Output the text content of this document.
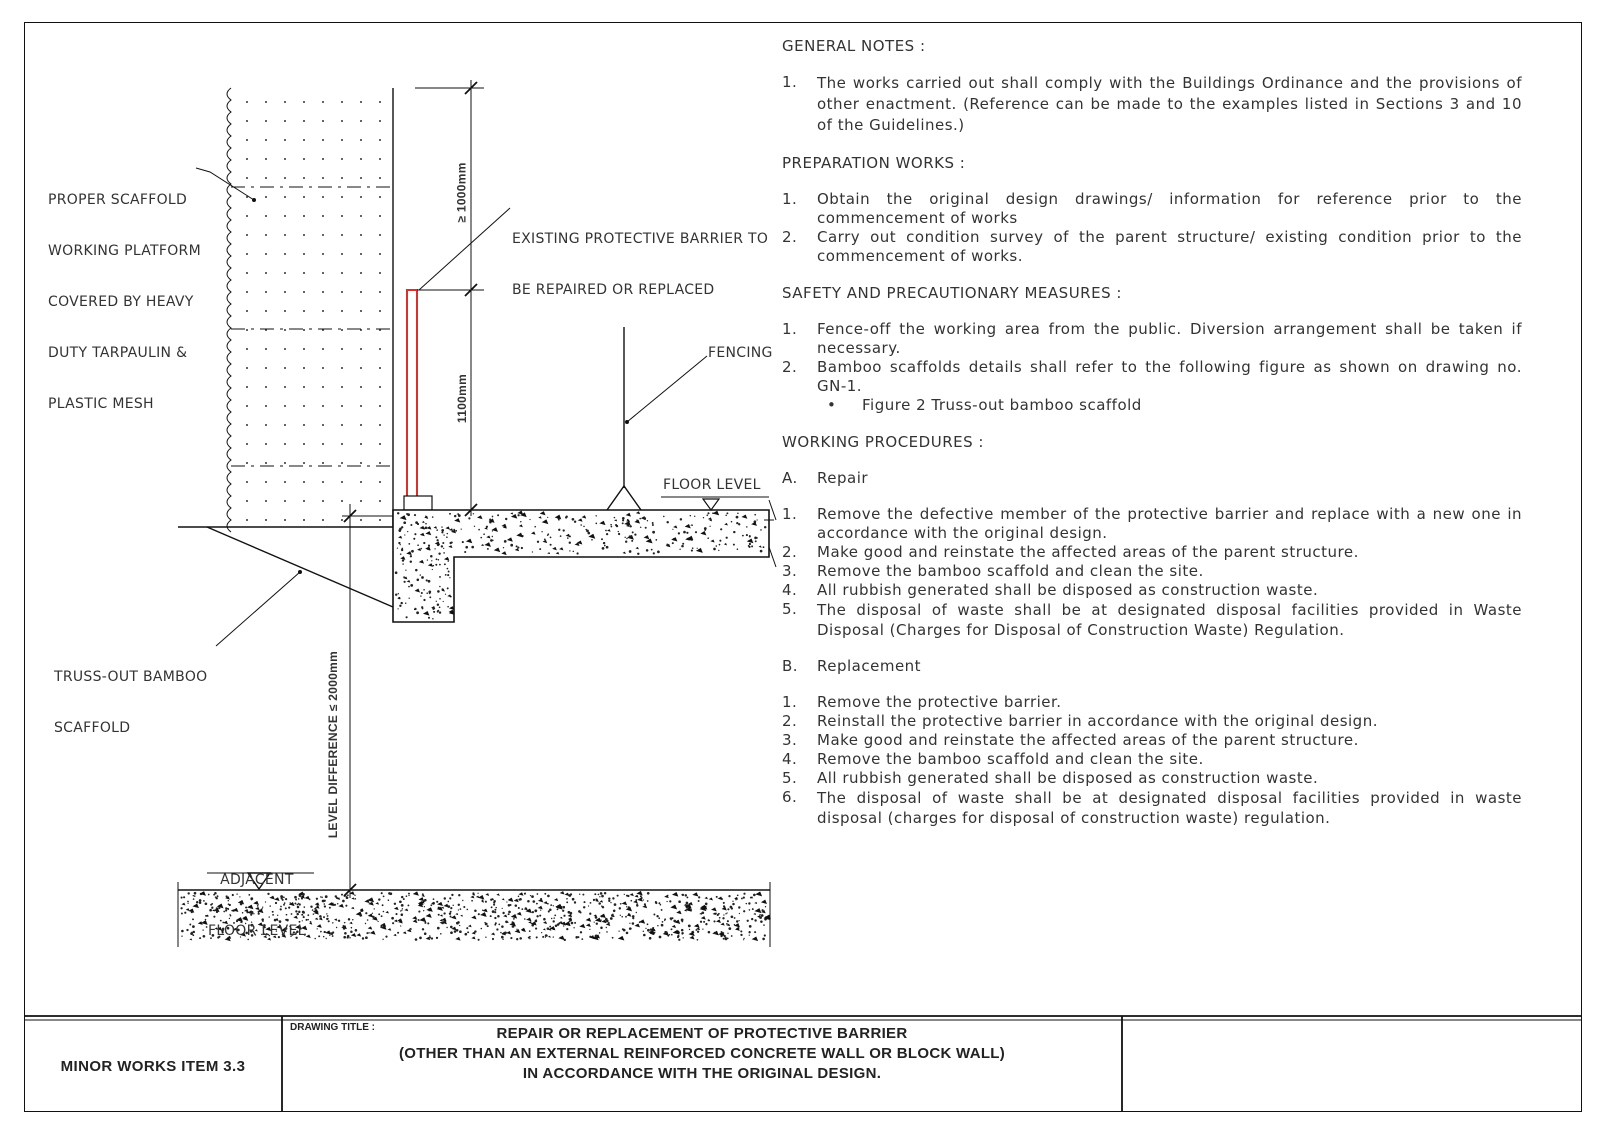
PROPER SCAFFOLD

WORKING PLATFORM

COVERED BY HEAVY

DUTY TARPAULIN &

PLASTIC MESH

EXISTING PROTECTIVE BARRIER TO

BE REPAIRED OR REPLACED

FENCING
FLOOR LEVEL

TRUSS-OUT BAMBOO

SCAFFOLD

ADJACENT

FLOOR LEVEL

≥ 1000mm
1100mm
LEVEL DIFFERENCE ≤ 2000mm
GENERAL NOTES :
1.	The works carried out shall comply with the Buildings Ordinance and the provisions of other enactment. (Reference can be made to the examples listed in Sections 3 and 10 of the Guidelines.)
PREPARATION WORKS :
1.	Obtain the original design drawings/ information for reference prior to the commencement of works
2.	Carry out condition survey of the parent structure/ existing condition prior to the commencement of works.
SAFETY AND PRECAUTIONARY MEASURES :
1.	Fence-off the working area from the public. Diversion arrangement shall be taken if necessary.
2.	Bamboo scaffolds details shall refer to the following figure as shown on drawing no. GN-1.
•	Figure 2 Truss-out bamboo scaffold
WORKING PROCEDURES :
A.	Repair
1.	Remove the defective member of the protective barrier and replace with a new one in accordance with the original design.
2.	Make good and reinstate the affected areas of the parent structure.
3.	Remove the bamboo scaffold and clean the site.
4.	All rubbish generated shall be disposed as construction waste.
5.	The disposal of waste shall be at designated disposal facilities provided in Waste Disposal (Charges for Disposal of Construction Waste) Regulation.
B.	Replacement
1.	Remove the protective barrier.
2.	Reinstall the protective barrier in accordance with the original design.
3.	Make good and reinstate the affected areas of the parent structure.
4.	Remove the bamboo scaffold and clean the site.
5.	All rubbish generated shall be disposed as construction waste.
6.	The disposal of waste shall be at designated disposal facilities provided in waste disposal (charges for disposal of construction waste) regulation.
MINOR WORKS ITEM 3.3
DRAWING TITLE :	REPAIR OR REPLACEMENT OF PROTECTIVE BARRIER
(OTHER THAN AN EXTERNAL REINFORCED CONCRETE WALL OR BLOCK WALL)
IN ACCORDANCE WITH THE ORIGINAL DESIGN.
